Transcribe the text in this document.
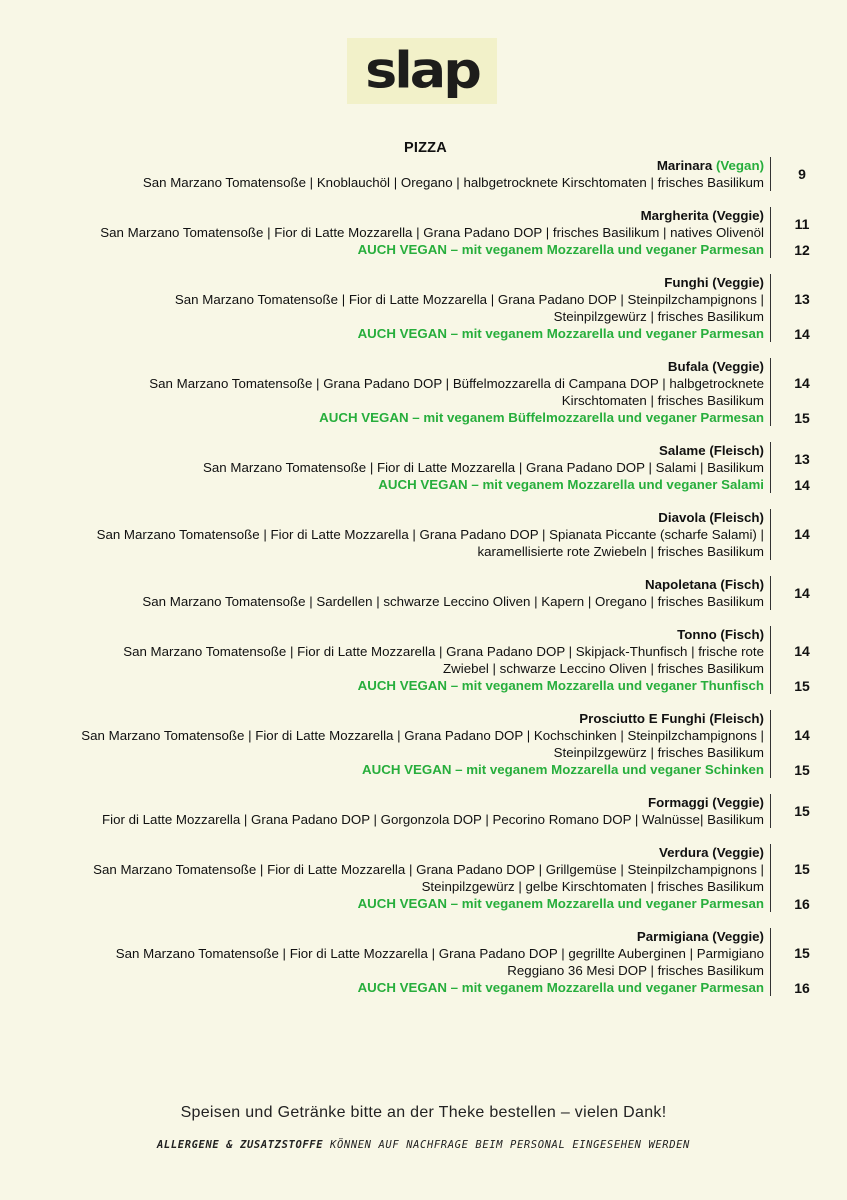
slap
PIZZA
Marinara (Vegan)
San Marzano Tomatensoße | Knoblauchöl | Oregano | halbgetrocknete Kirschtomaten | frisches Basilikum
9
Margherita (Veggie)
San Marzano Tomatensoße | Fior di Latte Mozzarella | Grana Padano DOP | frisches Basilikum | natives Olivenöl
AUCH VEGAN – mit veganem Mozzarella und veganer Parmesan
11
12
Funghi (Veggie)
San Marzano Tomatensoße | Fior di Latte Mozzarella | Grana Padano DOP | Steinpilzchampignons |
Steinpilzgewürz | frisches Basilikum
AUCH VEGAN – mit veganem Mozzarella und veganer Parmesan
13
14
Bufala (Veggie)
San Marzano Tomatensoße | Grana Padano DOP | Büffelmozzarella di Campana DOP | halbgetrocknete
Kirschtomaten | frisches Basilikum
AUCH VEGAN – mit veganem Büffelmozzarella und veganer Parmesan
14
15
Salame (Fleisch)
San Marzano Tomatensoße | Fior di Latte Mozzarella | Grana Padano DOP | Salami | Basilikum
AUCH VEGAN – mit veganem Mozzarella und veganer Salami
13
14
Diavola (Fleisch)
San Marzano Tomatensoße | Fior di Latte Mozzarella | Grana Padano DOP | Spianata Piccante (scharfe Salami) |
karamellisierte rote Zwiebeln | frisches Basilikum
14
Napoletana (Fisch)
San Marzano Tomatensoße | Sardellen | schwarze Leccino Oliven | Kapern | Oregano | frisches Basilikum
14
Tonno (Fisch)
San Marzano Tomatensoße | Fior di Latte Mozzarella | Grana Padano DOP | Skipjack-Thunfisch | frische rote
Zwiebel | schwarze Leccino Oliven | frisches Basilikum
AUCH VEGAN – mit veganem Mozzarella und veganer Thunfisch
14
15
Prosciutto E Funghi (Fleisch)
San Marzano Tomatensoße | Fior di Latte Mozzarella | Grana Padano DOP | Kochschinken | Steinpilzchampignons |
Steinpilzgewürz | frisches Basilikum
AUCH VEGAN – mit veganem Mozzarella und veganer Schinken
14
15
Formaggi (Veggie)
Fior di Latte Mozzarella | Grana Padano DOP | Gorgonzola DOP | Pecorino Romano DOP | Walnüsse| Basilikum
15
Verdura (Veggie)
San Marzano Tomatensoße | Fior di Latte Mozzarella | Grana Padano DOP | Grillgemüse | Steinpilzchampignons |
Steinpilzgewürz | gelbe Kirschtomaten | frisches Basilikum
AUCH VEGAN – mit veganem Mozzarella und veganer Parmesan
15
16
Parmigiana (Veggie)
San Marzano Tomatensoße | Fior di Latte Mozzarella | Grana Padano DOP | gegrillte Auberginen | Parmigiano
Reggiano 36 Mesi DOP | frisches Basilikum
AUCH VEGAN – mit veganem Mozzarella und veganer Parmesan
15
16
Speisen und Getränke bitte an der Theke bestellen – vielen Dank!
ALLERGENE & ZUSATZSTOFFE KÖNNEN AUF NACHFRAGE BEIM PERSONAL EINGESEHEN WERDEN
